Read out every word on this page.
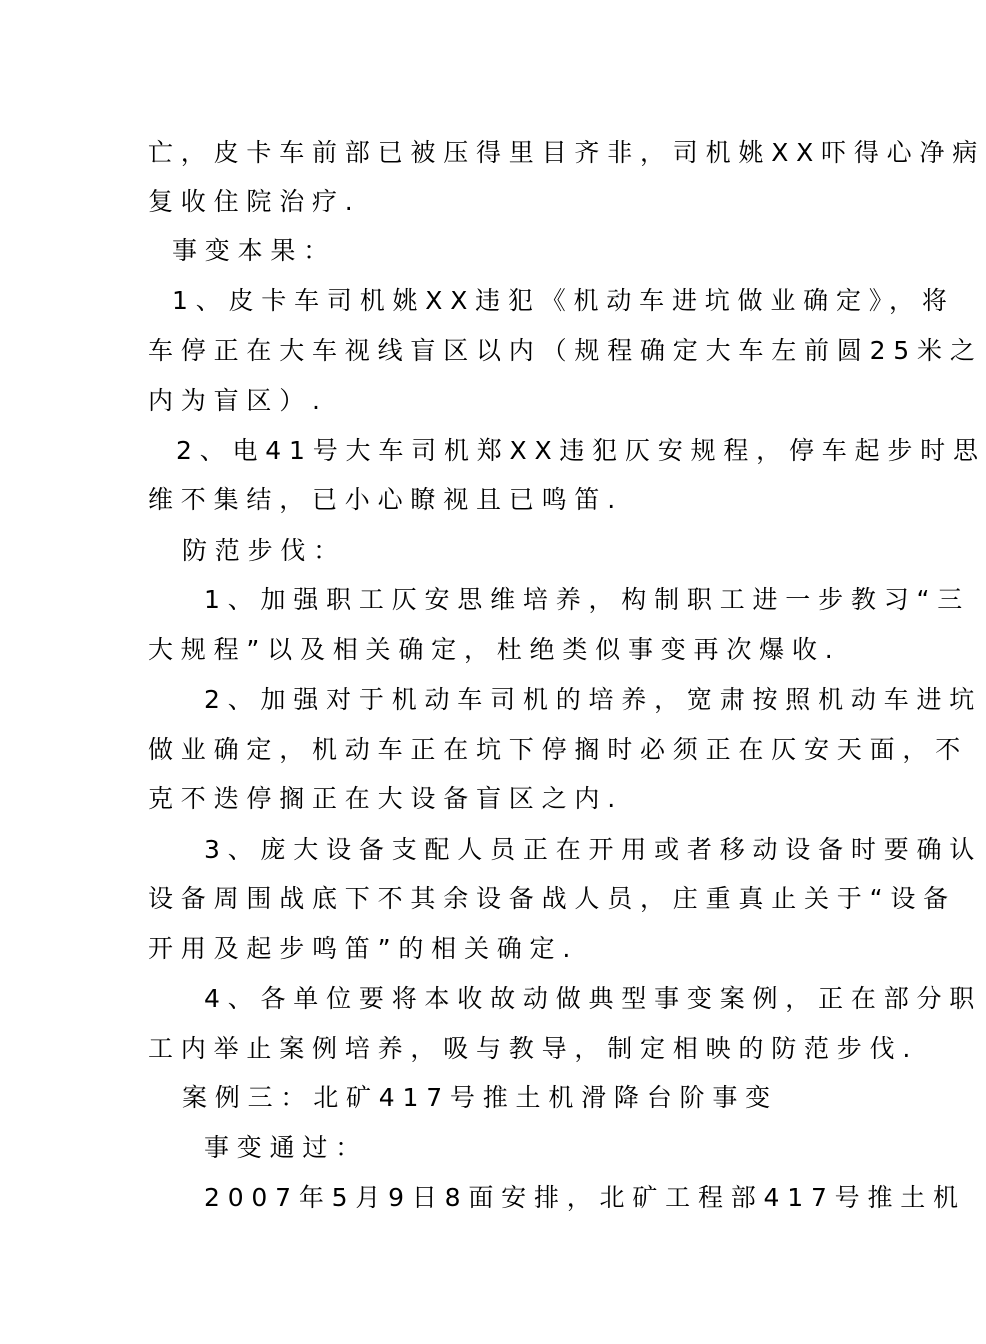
亡，皮卡车前部已被压得里目齐非，司机姚XX吓得心净病
复收住院治疗.
事变本果：
1、皮卡车司机姚XX违犯《机动车进坑做业确定》，将
车停正在大车视线盲区以内（规程确定大车左前圆25米之
内为盲区）.
2、电41号大车司机郑XX违犯仄安规程，停车起步时思
维不集结，已小心瞭视且已鸣笛.
防范步伐：
1、加强职工仄安思维培养，构制职工进一步教习“三
大规程”以及相关确定，杜绝类似事变再次爆收.
2、加强对于机动车司机的培养，宽肃按照机动车进坑
做业确定，机动车正在坑下停搁时必须正在仄安天面，不
克不迭停搁正在大设备盲区之内.
3、庞大设备支配人员正在开用或者移动设备时要确认
设备周围战底下不其余设备战人员，庄重真止关于“设备
开用及起步鸣笛”的相关确定.
4、各单位要将本收故动做典型事变案例，正在部分职
工内举止案例培养，吸与教导，制定相映的防范步伐.
案例三：北矿417号推土机滑降台阶事变
事变通过：
2007年5月9日8面安排，北矿工程部417号推土机
